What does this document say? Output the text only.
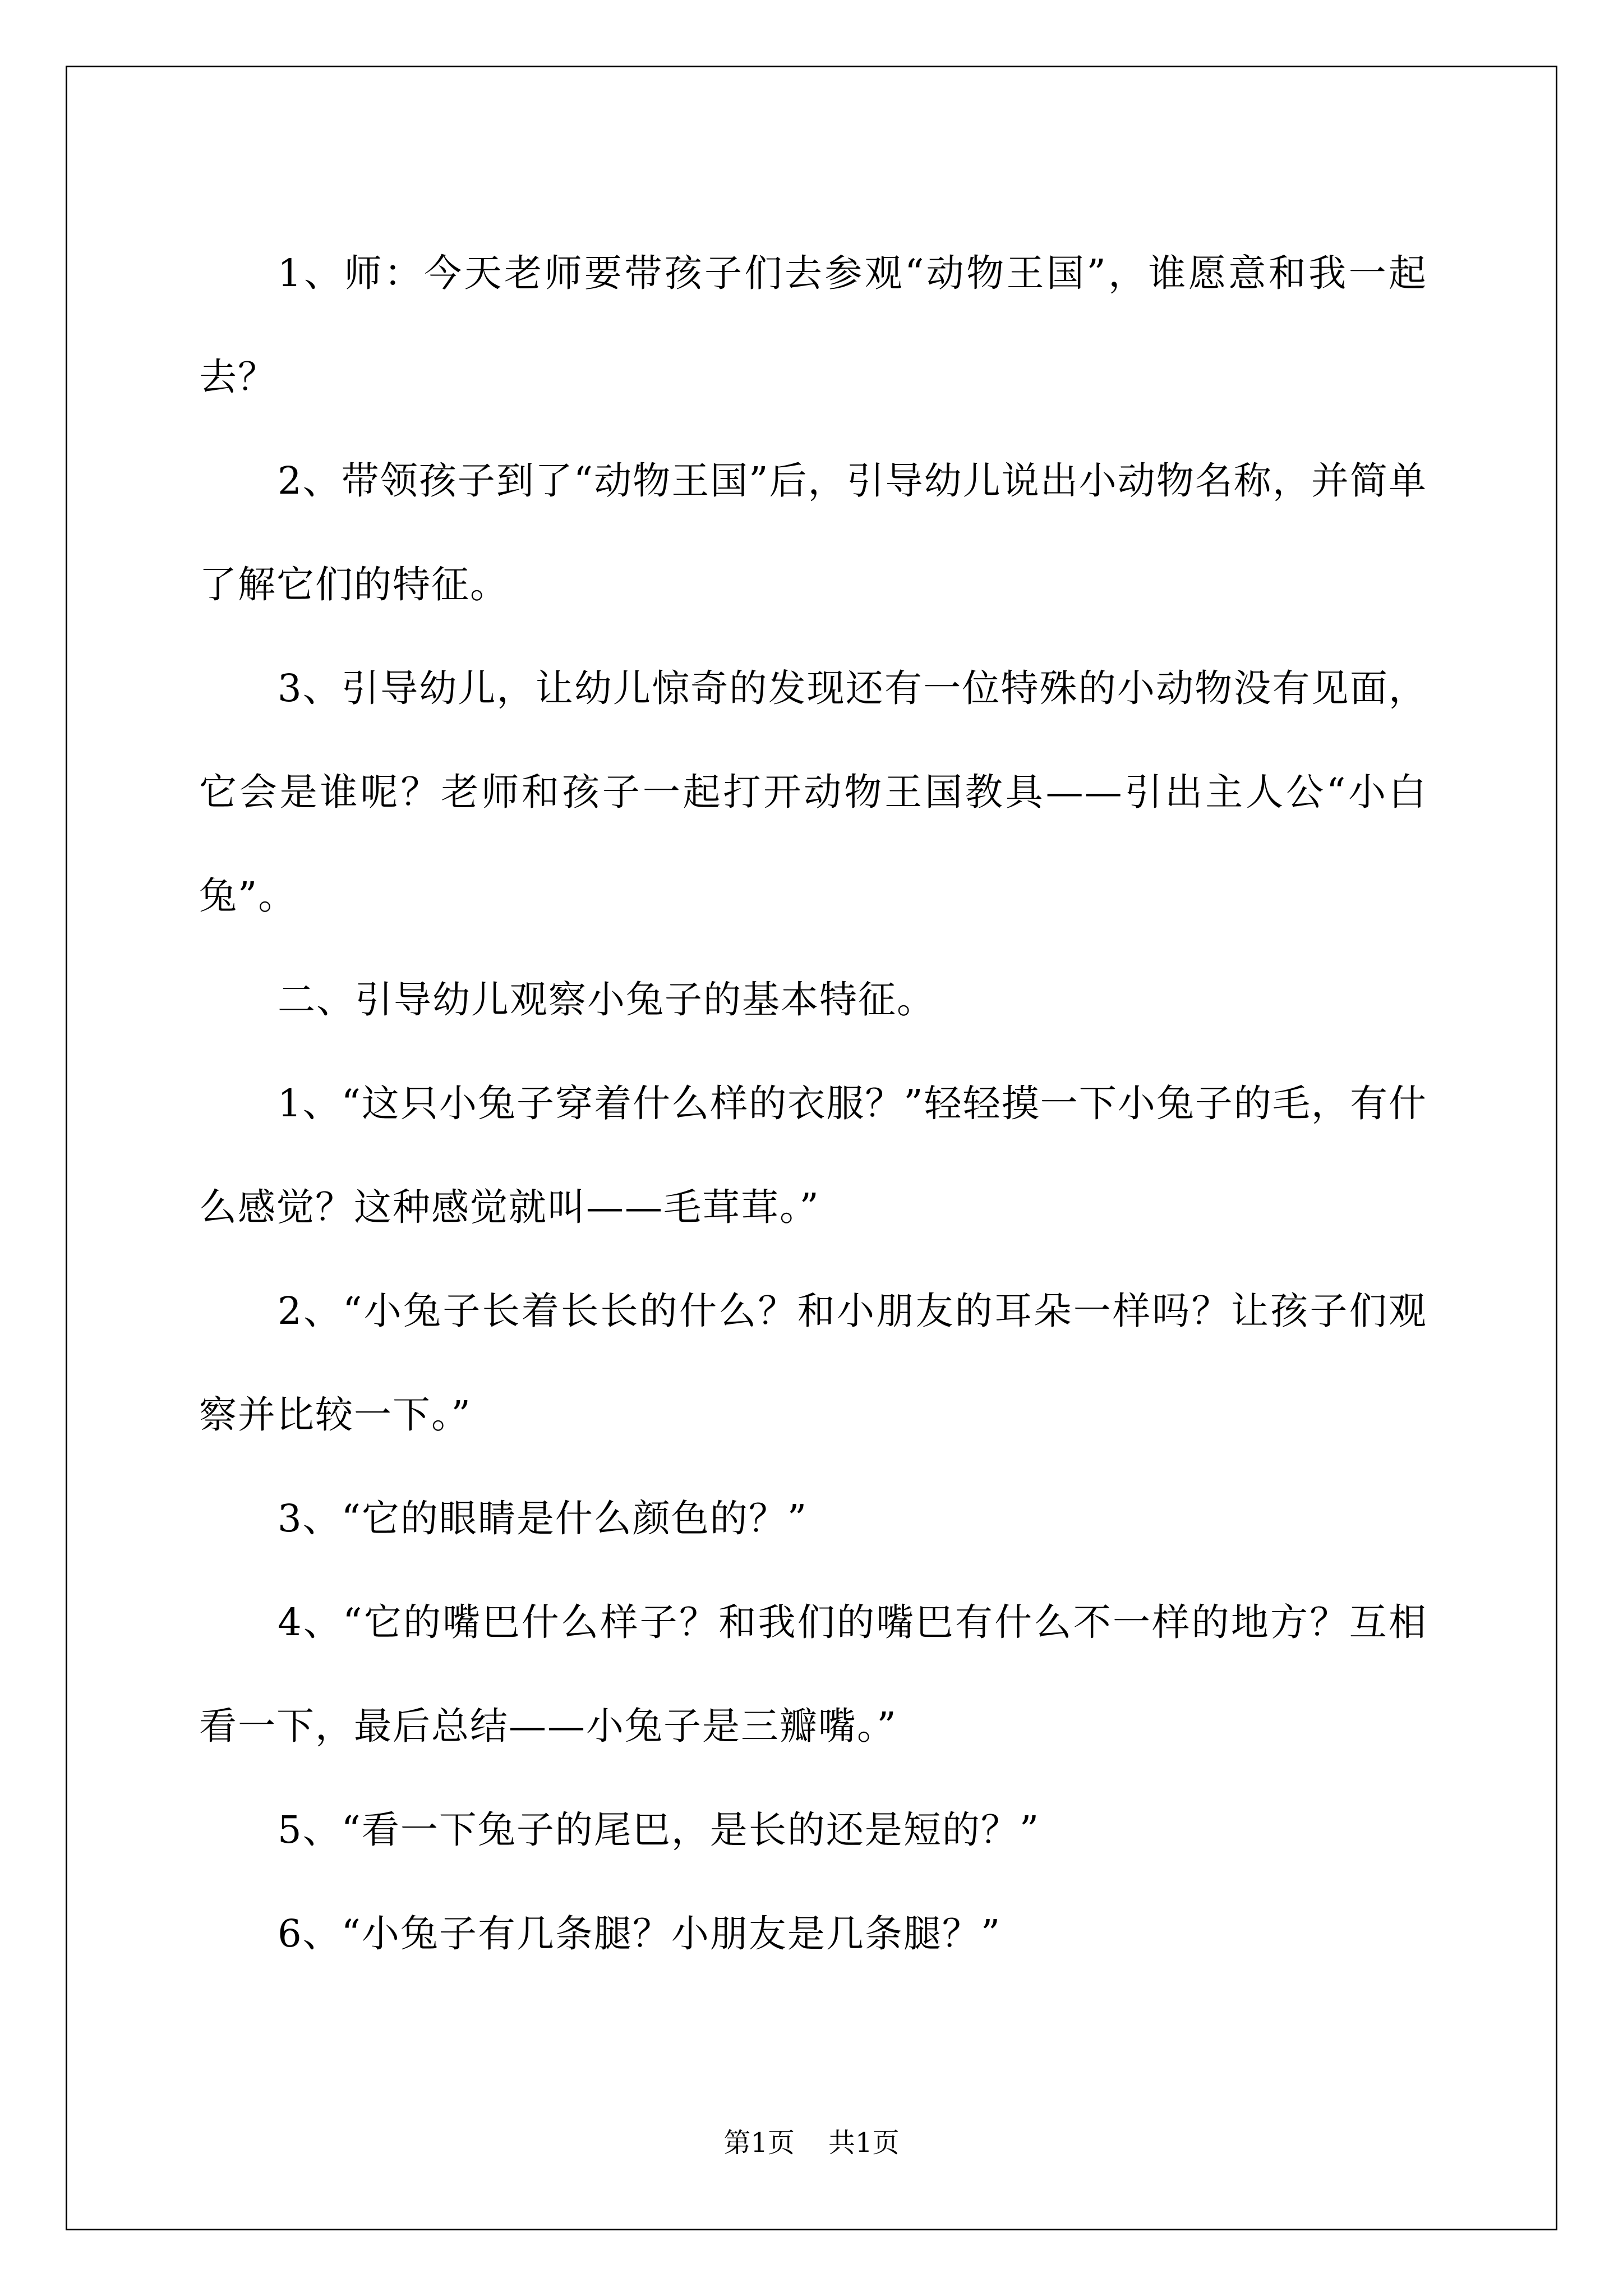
1、师：今天老师要带孩子们去参观“动物王国”，谁愿意和我一起去？

2、带领孩子到了“动物王国”后，引导幼儿说出小动物名称，并简单了解它们的特征。

3、引导幼儿，让幼儿惊奇的发现还有一位特殊的小动物没有见面，它会是谁呢？老师和孩子一起打开动物王国教具——引出主人公“小白兔”。

二、引导幼儿观察小兔子的基本特征。

1、“这只小兔子穿着什么样的衣服？”轻轻摸一下小兔子的毛，有什么感觉？这种感觉就叫——毛茸茸。”

2、“小兔子长着长长的什么？和小朋友的耳朵一样吗？让孩子们观察并比较一下。”

3、“它的眼睛是什么颜色的？”

4、“它的嘴巴什么样子？和我们的嘴巴有什么不一样的地方？互相看一下，最后总结——小兔子是三瓣嘴。”

5、“看一下兔子的尾巴，是长的还是短的？”

6、“小兔子有几条腿？小朋友是几条腿？”

第1页 共1页
